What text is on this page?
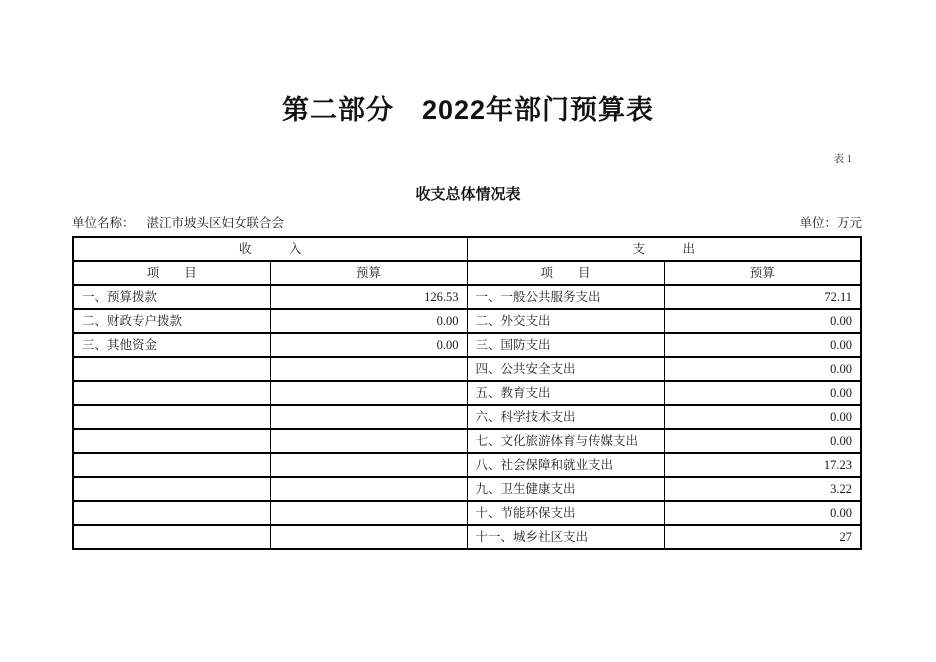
第二部分　2022年部门预算表
表 1
收支总体情况表
单位名称： 湛江市坡头区妇女联合会	单位：万元
收　　　入		支　　　出	
项　　目	预算	项　　目	预算
一、预算拨款	126.53	一、一般公共服务支出	72.11
二、财政专户拨款	0.00	二、外交支出	0.00
三、其他资金	0.00	三、国防支出	0.00
		四、公共安全支出	0.00
		五、教育支出	0.00
		六、科学技术支出	0.00
		七、文化旅游体育与传媒支出	0.00
		八、社会保障和就业支出	17.23
		九、卫生健康支出	3.22
		十、节能环保支出	0.00
		十一、城乡社区支出	27
